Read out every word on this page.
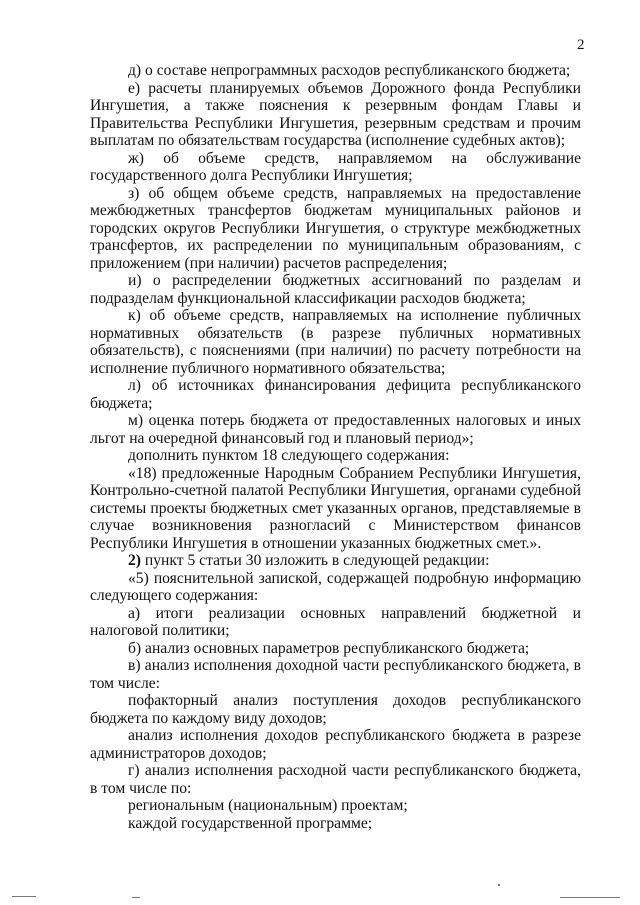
2

д) о составе непрограммных расходов республиканского бюджета;

е) расчеты планируемых объемов Дорожного фонда Республики Ингушетия, а также пояснения к резервным фондам Главы и Правительства Республики Ингушетия, резервным средствам и прочим выплатам по обязательствам государства (исполнение судебных актов);

ж) об объеме средств, направляемом на обслуживание государственного долга Республики Ингушетия;

з) об общем объеме средств, направляемых на предоставление межбюджетных трансфертов бюджетам муниципальных районов и городских округов Республики Ингушетия, о структуре межбюджетных трансфертов, их распределении по муниципальным образованиям, с приложением (при наличии) расчетов распределения;

и) о распределении бюджетных ассигнований по разделам и подразделам функциональной классификации расходов бюджета;

к) об объеме средств, направляемых на исполнение публичных нормативных обязательств (в разрезе публичных нормативных обязательств), с пояснениями (при наличии) по расчету потребности на исполнение публичного нормативного обязательства;

л) об источниках финансирования дефицита республиканского бюджета;

м) оценка потерь бюджета от предоставленных налоговых и иных льгот на очередной финансовый год и плановый период»;

дополнить пунктом 18 следующего содержания:

«18) предложенные Народным Собранием Республики Ингушетия, Контрольно-счетной палатой Республики Ингушетия, органами судебной системы проекты бюджетных смет указанных органов, представляемые в случае возникновения разногласий с Министерством финансов Республики Ингушетия в отношении указанных бюджетных смет.».

2) пункт 5 статьи 30 изложить в следующей редакции:

«5) пояснительной запиской, содержащей подробную информацию следующего содержания:

а) итоги реализации основных направлений бюджетной и налоговой политики;

б) анализ основных параметров республиканского бюджета;

в) анализ исполнения доходной части республиканского бюджета, в том числе:

пофакторный анализ поступления доходов республиканского бюджета по каждому виду доходов;

анализ исполнения доходов республиканского бюджета в разрезе администраторов доходов;

г) анализ исполнения расходной части республиканского бюджета, в том числе по:

региональным (национальным) проектам;

каждой государственной программе;
